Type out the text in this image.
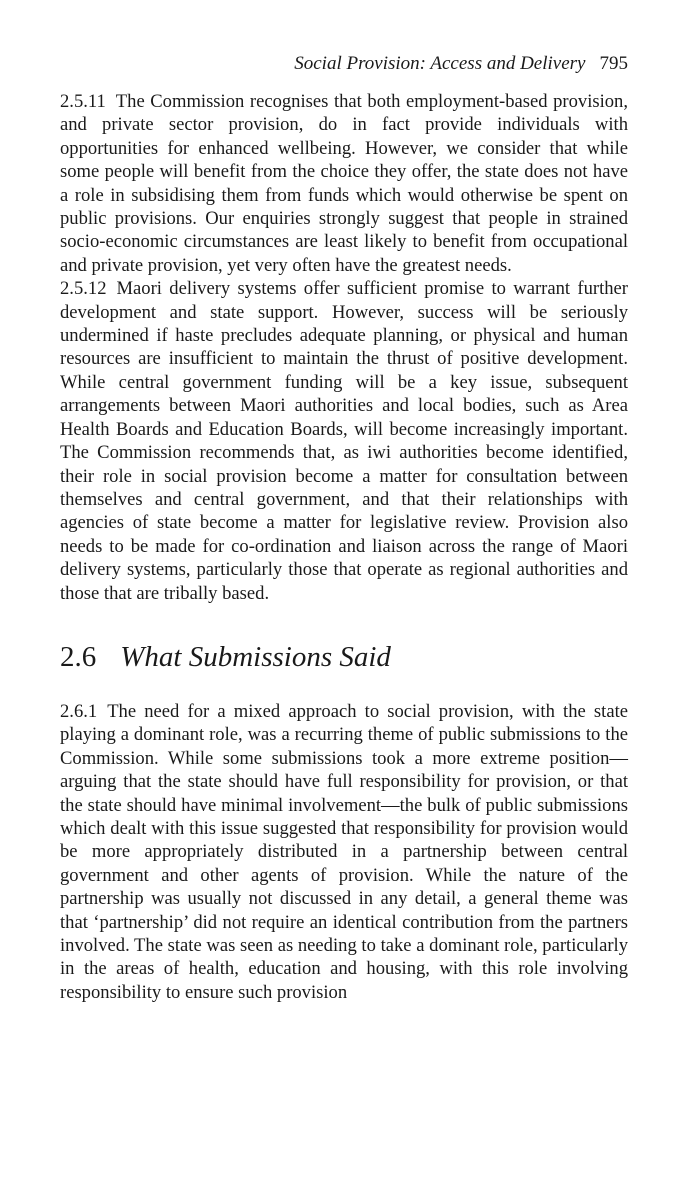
Social Provision: Access and Delivery 795

2.5.11 The Commission recognises that both employment-based provision, and private sector provision, do in fact provide individuals with opportunities for enhanced wellbeing. However, we consider that while some people will benefit from the choice they offer, the state does not have a role in subsidising them from funds which would otherwise be spent on public provisions. Our enquiries strongly suggest that people in strained socio-economic circumstances are least likely to benefit from occupational and private provision, yet very often have the greatest needs.

2.5.12 Maori delivery systems offer sufficient promise to warrant further development and state support. However, success will be seriously undermined if haste precludes adequate planning, or physical and human resources are insufficient to maintain the thrust of positive development. While central government funding will be a key issue, subsequent arrangements between Maori authorities and local bodies, such as Area Health Boards and Education Boards, will become increasingly important. The Commission recommends that, as iwi authorities become identified, their role in social provision become a matter for consultation between themselves and central government, and that their relationships with agencies of state become a matter for legislative review. Provision also needs to be made for co-ordination and liaison across the range of Maori delivery systems, particularly those that operate as regional authorities and those that are tribally based.

2.6 What Submissions Said

2.6.1 The need for a mixed approach to social provision, with the state playing a dominant role, was a recurring theme of public submissions to the Commission. While some submissions took a more extreme position—arguing that the state should have full responsibility for provision, or that the state should have minimal involvement—the bulk of public submissions which dealt with this issue suggested that responsibility for provision would be more appropriately distributed in a partnership between central government and other agents of provision. While the nature of the partnership was usually not discussed in any detail, a general theme was that ‘partnership’ did not require an identical contribution from the partners involved. The state was seen as needing to take a dominant role, particularly in the areas of health, education and housing, with this role involving responsibility to ensure such provision
